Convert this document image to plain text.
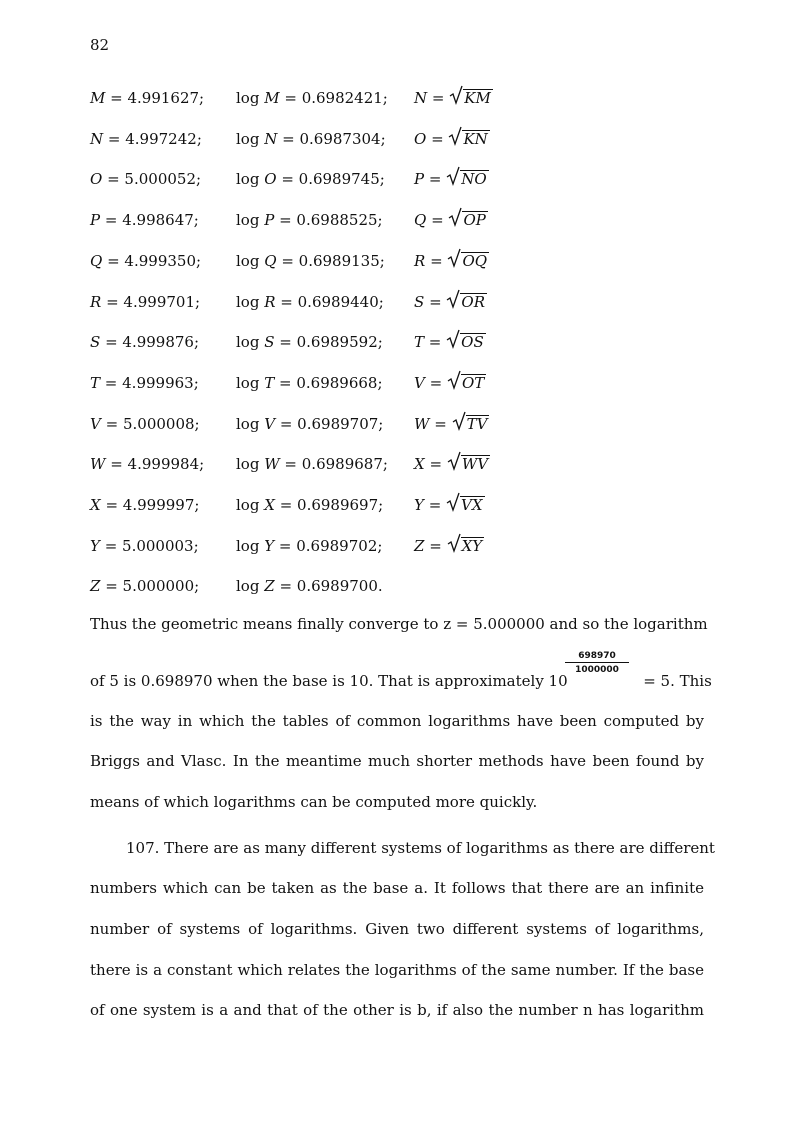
82
M = 4.991627; log M = 0.6982421; N = KM
N = 4.997242; log N = 0.6987304; O = KN
O = 5.000052; log O = 0.6989745; P = NO
P = 4.998647; log P = 0.6988525; Q = OP
Q = 4.999350; log Q = 0.6989135; R = OQ
R = 4.999701; log R = 0.6989440; S = OR
S = 4.999876; log S = 0.6989592; T = OS
T = 4.999963; log T = 0.6989668; V = OT
V = 5.000008; log V = 0.6989707; W = TV
W = 4.999984; log W = 0.6989687; X = WV
X = 4.999997; log X = 0.6989697; Y = VX
Y = 5.000003; log Y = 0.6989702; Z = XY
Z = 5.000000; log Z = 0.6989700.
Thus the geometric means finally converge to z = 5.000000 and so the logarithm
$\frac{698970}{1000000}$
of 5 is 0.698970 when the base is 10. That is approximately 10	= 5. This
is the way in which the tables of common logarithms have been computed by
Briggs and Vlasc. In the meantime much shorter methods have been found by
means of which logarithms can be computed more quickly.
107. There are as many different systems of logarithms as there are different
numbers which can be taken as the base a. It follows that there are an infinite
number of systems of logarithms. Given two different systems of logarithms,
there is a constant which relates the logarithms of the same number. If the base
of one system is a and that of the other is b, if also the number n has logarithm
